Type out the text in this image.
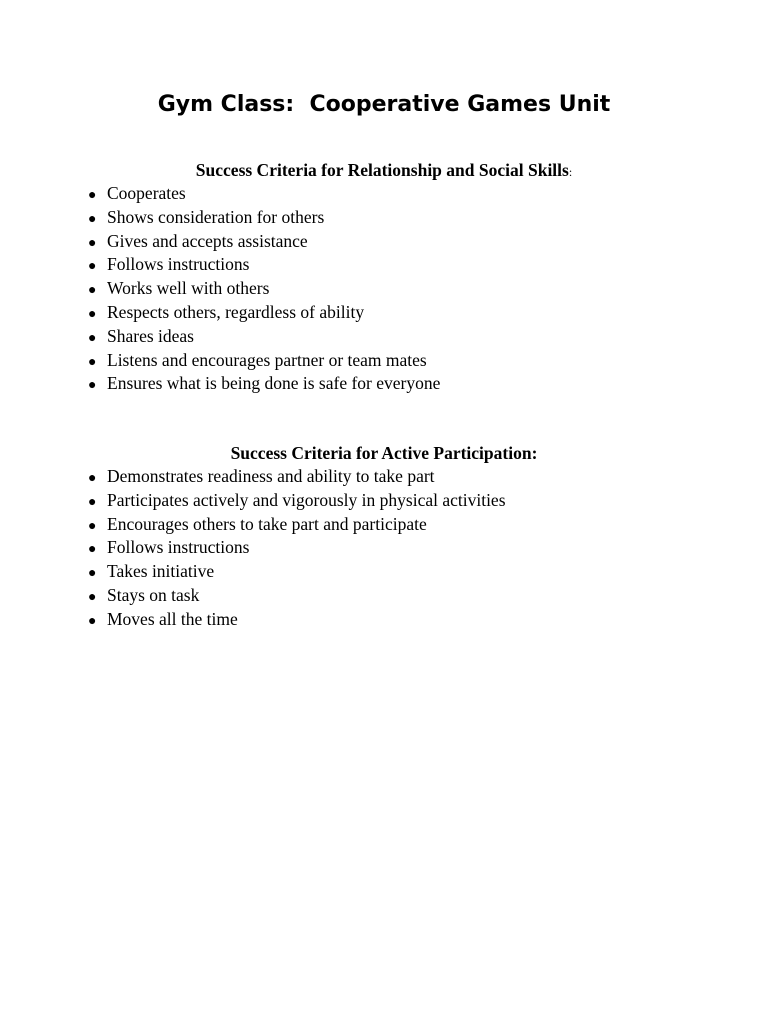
Gym Class:  Cooperative Games Unit
Success Criteria for Relationship and Social Skills:
● Cooperates
● Shows consideration for others
● Gives and accepts assistance
● Follows instructions
● Works well with others
● Respects others, regardless of ability
● Shares ideas
● Listens and encourages partner or team mates
● Ensures what is being done is safe for everyone
Success Criteria for Active Participation:
● Demonstrates readiness and ability to take part
● Participates actively and vigorously in physical activities
● Encourages others to take part and participate
● Follows instructions
● Takes initiative
● Stays on task
● Moves all the time
